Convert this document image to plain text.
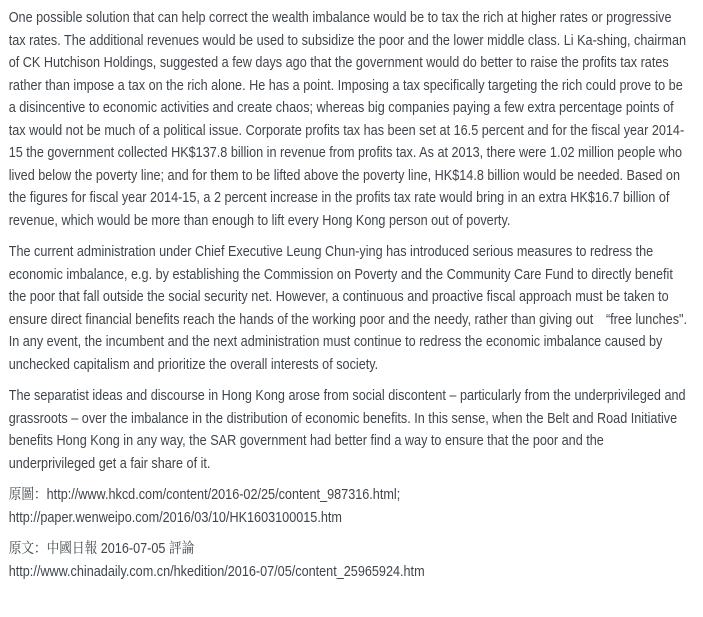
One possible solution that can help correct the wealth imbalance would be to tax the rich at higher rates or progressive tax rates. The additional revenues would be used to subsidize the poor and the lower middle class. Li Ka-shing, chairman of CK Hutchison Holdings, suggested a few days ago that the government would do better to raise the profits tax rates rather than impose a tax on the rich alone. He has a point. Imposing a tax specifically targeting the rich could prove to be a disincentive to economic activities and create chaos; whereas big companies paying a few extra percentage points of tax would not be much of a political issue. Corporate profits tax has been set at 16.5 percent and for the fiscal year 2014-15 the government collected HK$137.8 billion in revenue from profits tax. As at 2013, there were 1.02 million people who lived below the poverty line; and for them to be lifted above the poverty line, HK$14.8 billion would be needed. Based on the figures for fiscal year 2014-15, a 2 percent increase in the profits tax rate would bring in an extra HK$16.7 billion of revenue, which would be more than enough to lift every Hong Kong person out of poverty.

The current administration under Chief Executive Leung Chun-ying has introduced serious measures to redress the economic imbalance, e.g. by establishing the Commission on Poverty and the Community Care Fund to directly benefit the poor that fall outside the social security net. However, a continuous and proactive fiscal approach must be taken to ensure direct financial benefits reach the hands of the working poor and the needy, rather than giving out　“free lunches". In any event, the incumbent and the next administration must continue to redress the economic imbalance caused by unchecked capitalism and prioritize the overall interests of society.

The separatist ideas and discourse in Hong Kong arose from social discontent – particularly from the underprivileged and grassroots – over the imbalance in the distribution of economic benefits. In this sense, when the Belt and Road Initiative benefits Hong Kong in any way, the SAR government had better find a way to ensure that the poor and the underprivileged get a fair share of it.

原圖：http://www.hkcd.com/content/2016-02/25/content_987316.html;
http://paper.wenweipo.com/2016/03/10/HK1603100015.htm

原文：中國日報 2016-07-05 評論
http://www.chinadaily.com.cn/hkedition/2016-07/05/content_25965924.htm
